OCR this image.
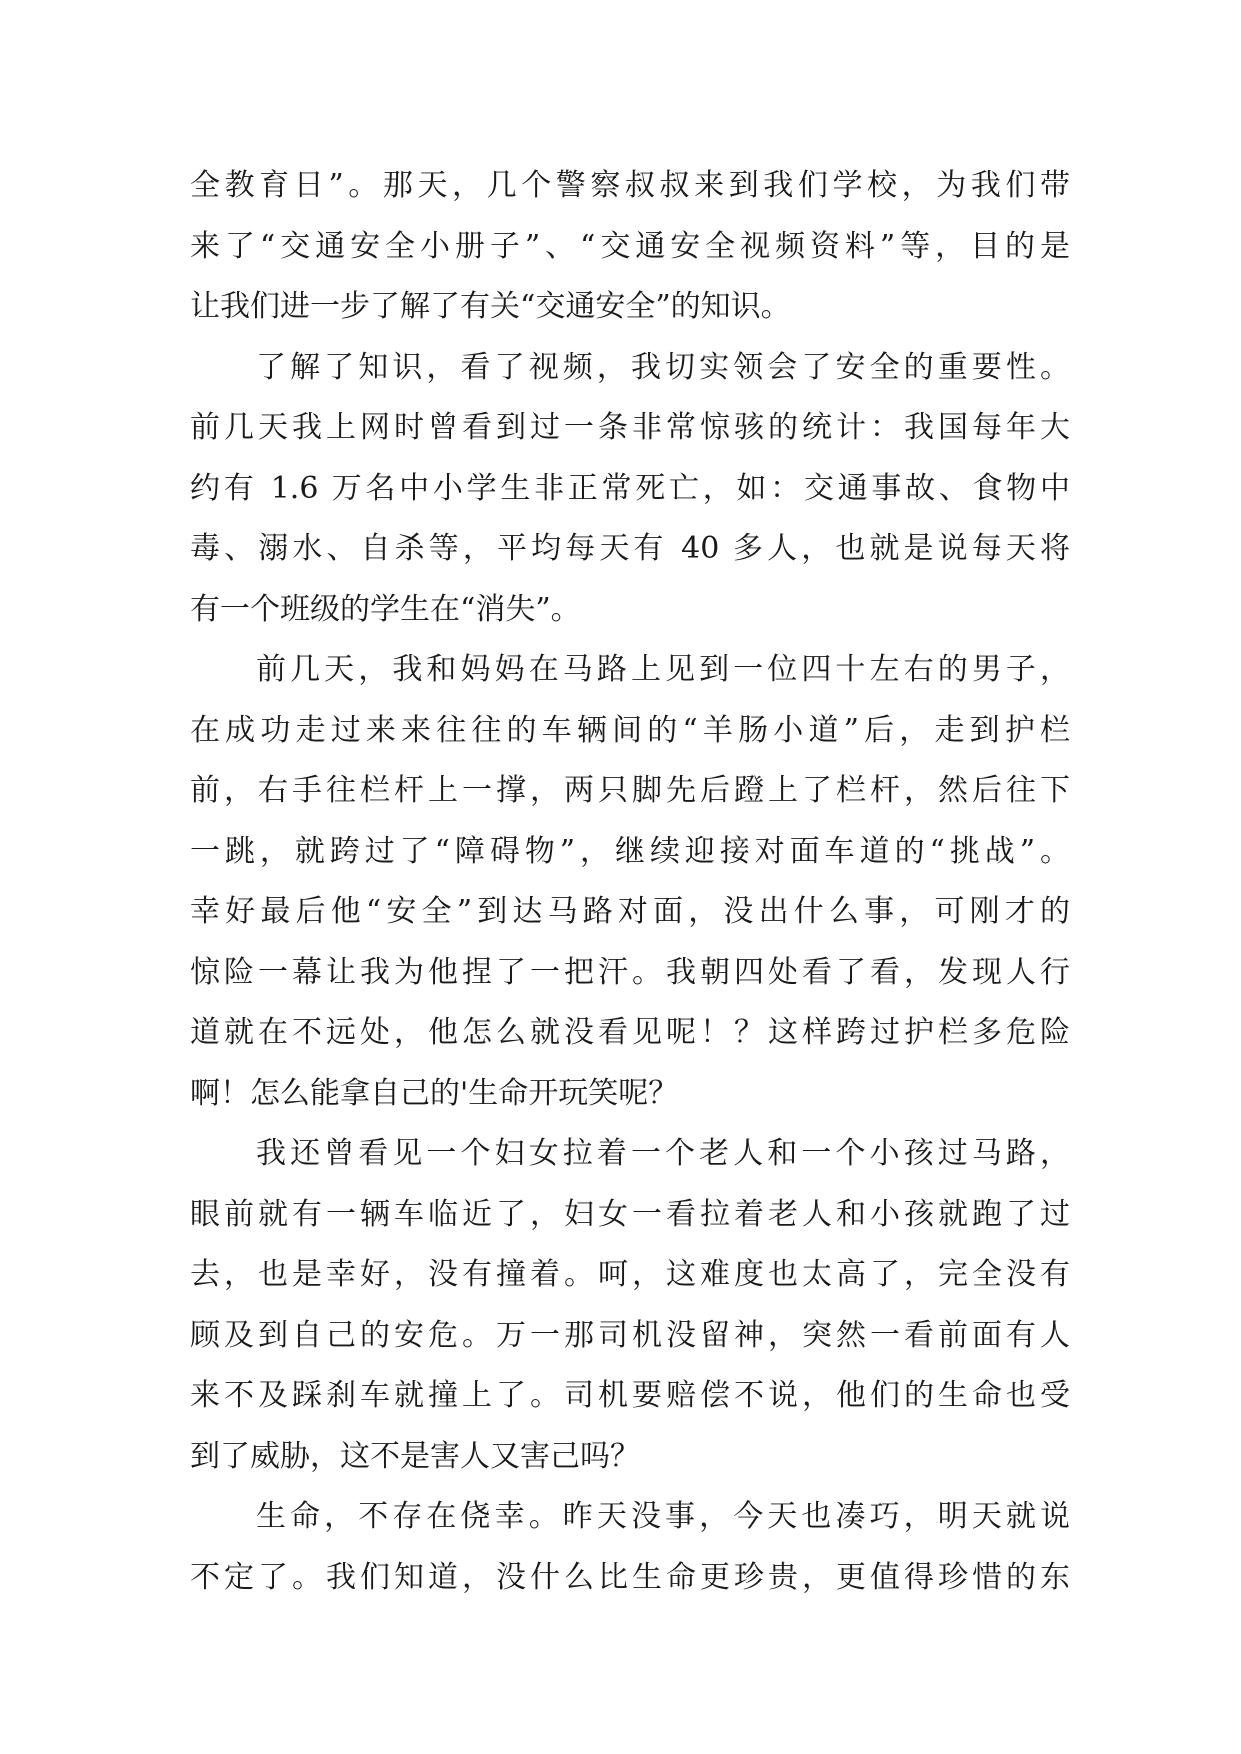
全教育日”。那天，几个警察叔叔来到我们学校，为我们带
来了“交通安全小册子”、“交通安全视频资料”等，目的是
让我们进一步了解了有关“交通安全”的知识。
了解了知识，看了视频，我切实领会了安全的重要性。
前几天我上网时曾看到过一条非常惊骇的统计：我国每年大
约有 1.6 万名中小学生非正常死亡，如：交通事故、食物中
毒、溺水、自杀等，平均每天有 40 多人，也就是说每天将
有一个班级的学生在“消失”。
前几天，我和妈妈在马路上见到一位四十左右的男子，
在成功走过来来往往的车辆间的“羊肠小道”后，走到护栏
前，右手往栏杆上一撑，两只脚先后蹬上了栏杆，然后往下
一跳，就跨过了“障碍物”，继续迎接对面车道的“挑战”。
幸好最后他“安全”到达马路对面，没出什么事，可刚才的
惊险一幕让我为他捏了一把汗。我朝四处看了看，发现人行
道就在不远处，他怎么就没看见呢！？这样跨过护栏多危险
啊！怎么能拿自己的'生命开玩笑呢？
我还曾看见一个妇女拉着一个老人和一个小孩过马路，
眼前就有一辆车临近了，妇女一看拉着老人和小孩就跑了过
去，也是幸好，没有撞着。呵，这难度也太高了，完全没有
顾及到自己的安危。万一那司机没留神，突然一看前面有人
来不及踩刹车就撞上了。司机要赔偿不说，他们的生命也受
到了威胁，这不是害人又害己吗？
生命，不存在侥幸。昨天没事，今天也凑巧，明天就说
不定了。我们知道，没什么比生命更珍贵，更值得珍惜的东
